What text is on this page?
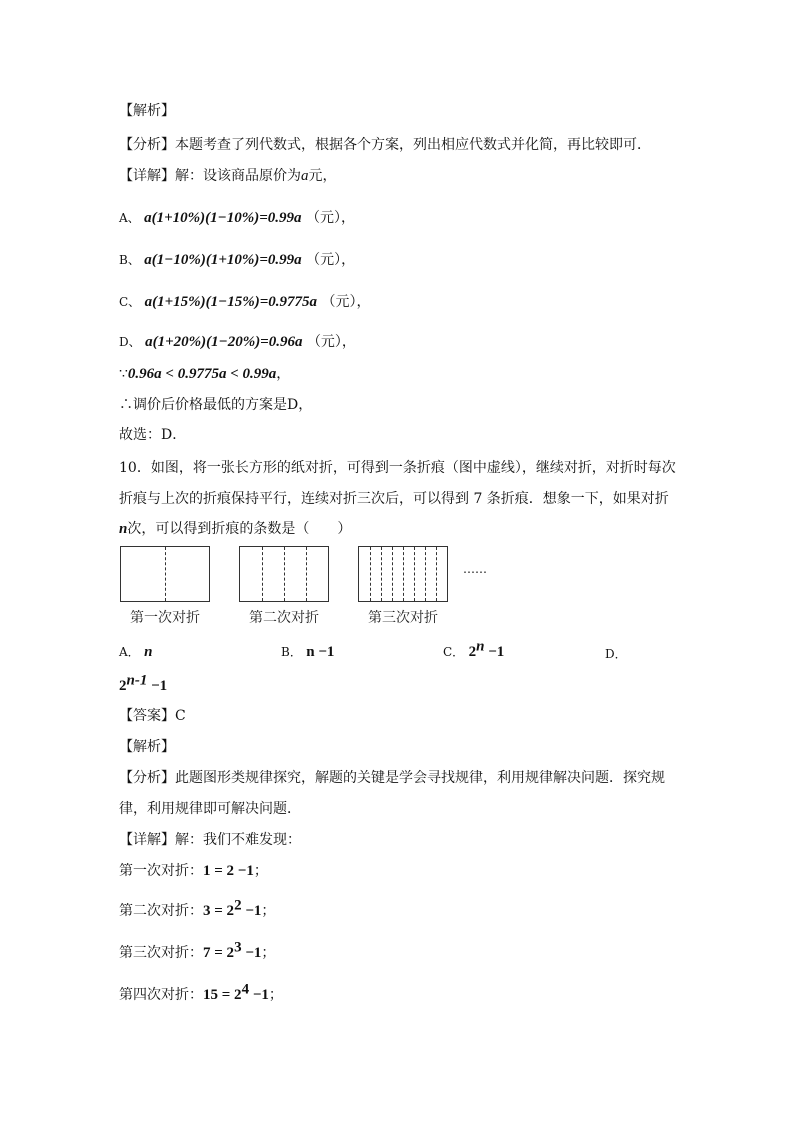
【解析】
【分析】本题考查了列代数式，根据各个方案，列出相应代数式并化简，再比较即可．
【详解】解：设该商品原价为a元，
A、 a(1+10%)(1−10%)=0.99a （元），
B、 a(1−10%)(1+10%)=0.99a （元），
C、 a(1+15%)(1−15%)=0.9775a （元），
D、 a(1+20%)(1−20%)=0.96a （元），
∵0.96a < 0.9775a < 0.99a，
∴调价后价格最低的方案是D，
故选：D．
10．如图，将一张长方形的纸对折，可得到一条折痕（图中虚线），继续对折，对折时每次
折痕与上次的折痕保持平行，连续对折三次后，可以得到 7 条折痕．想象一下，如果对折
n次，可以得到折痕的条数是（　　）
……
第一次对折	第二次对折	第三次对折
A． n	B． n −1	C． $2^n -1$	D．
$2^{n-1} -1$
【答案】C
【解析】
【分析】此题图形类规律探究，解题的关键是学会寻找规律，利用规律解决问题．探究规
律，利用规律即可解决问题．
【详解】解：我们不难发现：
第一次对折：1 = 2 −1；
第二次对折：$3 = 2^2 -1$；
第三次对折：$7 = 2^3 -1$；
第四次对折：$15 = 2^4 -1$；
